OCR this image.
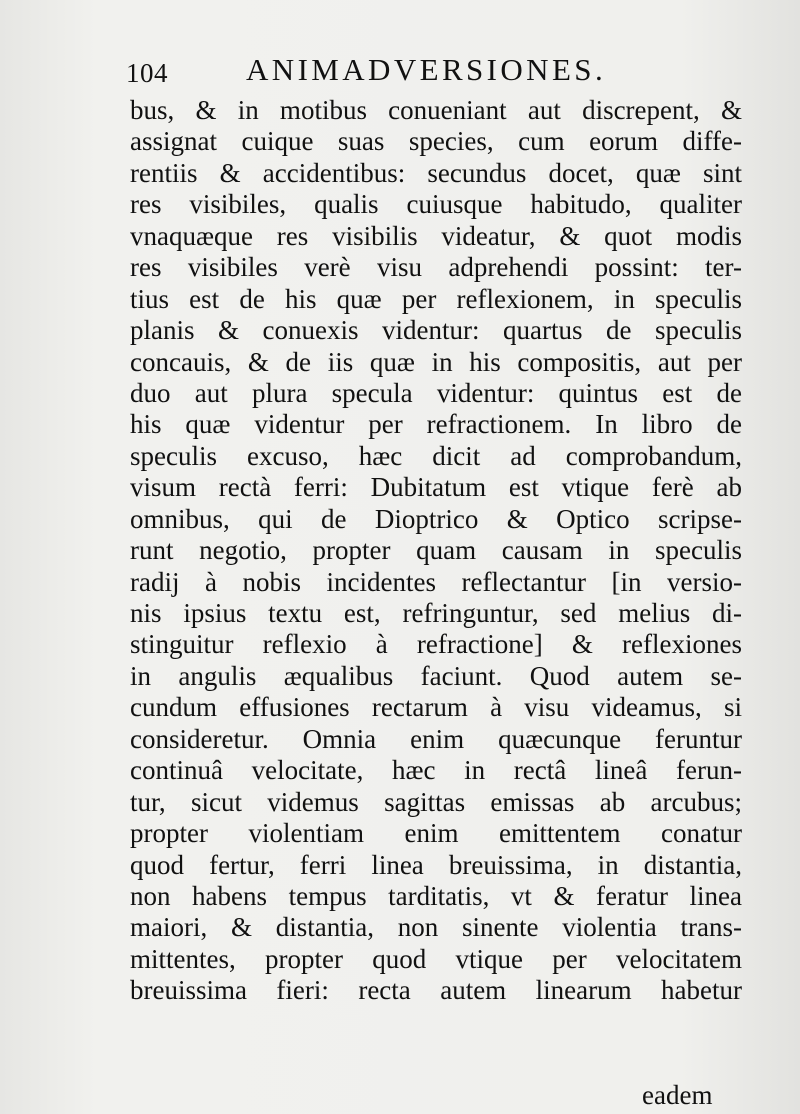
104	ANIMADVERSIONES.
bus, & in motibus conueniant aut discrepent, &
assignat cuique suas species, cum eorum diffe-
rentiis & accidentibus: secundus docet, quæ sint
res visibiles, qualis cuiusque habitudo, qualiter
vnaquæque res visibilis videatur, & quot modis
res visibiles verè visu adprehendi possint: ter-
tius est de his quæ per reflexionem, in speculis
planis & conuexis videntur: quartus de speculis
concauis, & de iis quæ in his compositis, aut per
duo aut plura specula videntur: quintus est de
his quæ videntur per refractionem. In libro de
speculis excuso, hæc dicit ad comprobandum,
visum rectà ferri: Dubitatum est vtique ferè ab
omnibus, qui de Dioptrico & Optico scripse-
runt negotio, propter quam causam in speculis
radij à nobis incidentes reflectantur [in versio-
nis ipsius textu est, refringuntur, sed melius di-
stinguitur reflexio à refractione] & reflexiones
in angulis æqualibus faciunt. Quod autem se-
cundum effusiones rectarum à visu videamus, si
consideretur. Omnia enim quæcunque feruntur
continuâ velocitate, hæc in rectâ lineâ ferun-
tur, sicut videmus sagittas emissas ab arcubus;
propter violentiam enim emittentem conatur
quod fertur, ferri linea breuissima, in distantia,
non habens tempus tarditatis, vt & feratur linea
maiori, & distantia, non sinente violentia trans-
mittentes, propter quod vtique per velocitatem
breuissima fieri: recta autem linearum habetur
eadem
